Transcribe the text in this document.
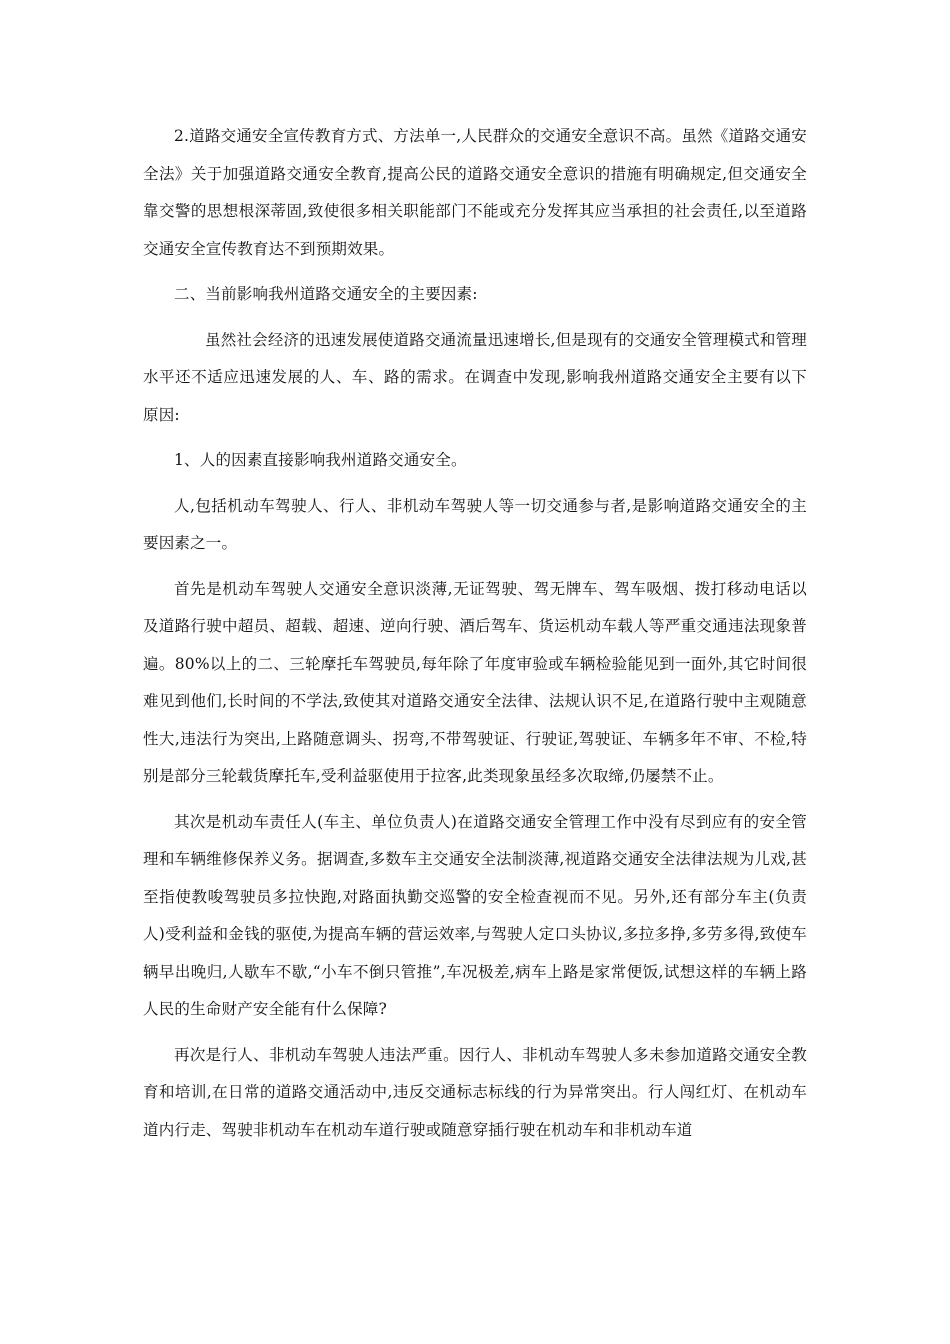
2.道路交通安全宣传教育方式、方法单一,人民群众的交通安全意识不高。虽然《道路交通安全法》关于加强道路交通安全教育,提高公民的道路交通安全意识的措施有明确规定,但交通安全靠交警的思想根深蒂固,致使很多相关职能部门不能或充分发挥其应当承担的社会责任,以至道路交通安全宣传教育达不到预期效果。

二、当前影响我州道路交通安全的主要因素:

虽然社会经济的迅速发展使道路交通流量迅速增长,但是现有的交通安全管理模式和管理水平还不适应迅速发展的人、车、路的需求。在调查中发现,影响我州道路交通安全主要有以下原因:

1、人的因素直接影响我州道路交通安全。

人,包括机动车驾驶人、行人、非机动车驾驶人等一切交通参与者,是影响道路交通安全的主要因素之一。

首先是机动车驾驶人交通安全意识淡薄,无证驾驶、驾无牌车、驾车吸烟、拨打移动电话以及道路行驶中超员、超载、超速、逆向行驶、酒后驾车、货运机动车载人等严重交通违法现象普遍。80%以上的二、三轮摩托车驾驶员,每年除了年度审验或车辆检验能见到一面外,其它时间很难见到他们,长时间的不学法,致使其对道路交通安全法律、法规认识不足,在道路行驶中主观随意性大,违法行为突出,上路随意调头、拐弯,不带驾驶证、行驶证,驾驶证、车辆多年不审、不检,特别是部分三轮载货摩托车,受利益驱使用于拉客,此类现象虽经多次取缔,仍屡禁不止。

其次是机动车责任人(车主、单位负责人)在道路交通安全管理工作中没有尽到应有的安全管理和车辆维修保养义务。据调查,多数车主交通安全法制淡薄,视道路交通安全法律法规为儿戏,甚至指使教唆驾驶员多拉快跑,对路面执勤交巡警的安全检查视而不见。另外,还有部分车主(负责人)受利益和金钱的驱使,为提高车辆的营运效率,与驾驶人定口头协议,多拉多挣,多劳多得,致使车辆早出晚归,人歇车不歇,“小车不倒只管推”,车况极差,病车上路是家常便饭,试想这样的车辆上路人民的生命财产安全能有什么保障?

再次是行人、非机动车驾驶人违法严重。因行人、非机动车驾驶人多未参加道路交通安全教育和培训,在日常的道路交通活动中,违反交通标志标线的行为异常突出。行人闯红灯、在机动车道内行走、驾驶非机动车在机动车道行驶或随意穿插行驶在机动车和非机动车道
